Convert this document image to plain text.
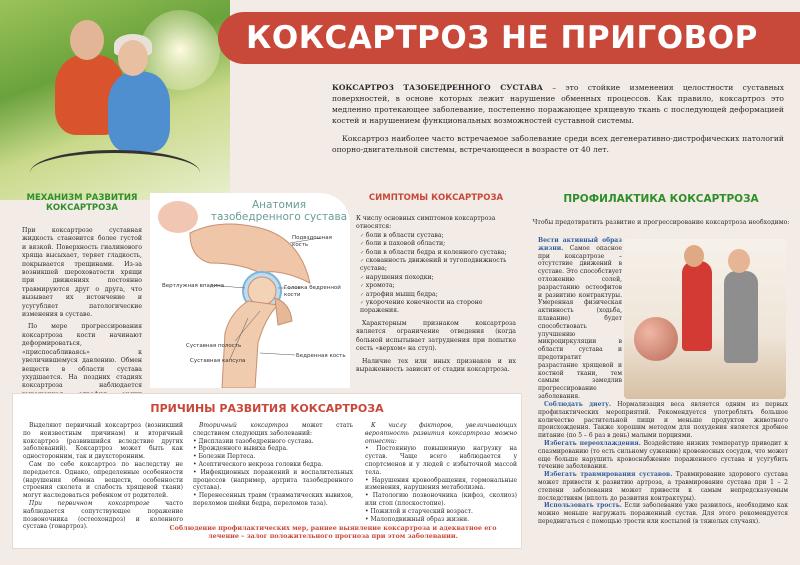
КОКСАРТРОЗ НЕ ПРИГОВОР

КОКСАРТРОЗ ТАЗОБЕДРЕННОГО СУСТАВА – это стойкие изменения целостности суставных поверхностей, в основе которых лежит нарушение обменных процессов. Как правило, коксартроз это медленно протекающее заболевание, постепенно поражающее хрящевую ткань с последующей деформацией костей и нарушением функциональных возможностей суставной системы.

Коксартроз наиболее часто встречаемое заболевание среди всех дегенеративно-дистрофических патологий опорно-двигательной системы, встречающееся в возрасте от 40 лет.

МЕХАНИЗМ РАЗВИТИЯ КОКСАРТРОЗА

При коксартрозе суставная жидкость становится более густой и вязкой. Поверхность гиалинового хряща высыхает, теряет гладкость, покрывается трещинами. Из-за возникшей шероховатости хрящи при движениях постоянно травмируются друг о друга, что вызывает их истончение и усугубляет патологические изменения в суставе.

По мере прогрессирования коксартроза кости начинают деформироваться, «приспосабливаясь» к увеличившемуся давлению. Обмен веществ в области сустава ухудшается. На поздних стадиях коксартроза наблюдается

Анатомия тазобедренного сустава
Подвздошная кость
Вертлужная впадина	Головка бедренной кости
Суставная полость
Суставная капсула
Бедренная кость
СИМПТОМЫ КОКСАРТРОЗА
К числу основных симптомов коксартроза относятся:
✓ боли в области сустава;
✓ боли в паховой области;
✓ боли в области бедра и коленного сустава;
✓ скованность движений и тугоподвижность сустава;
✓ нарушения походки;
✓ хромота;
✓ атрофия мышц бедра;
✓ укорочение конечности на стороне поражения.

Характерным признаком коксартроза является ограничение отведения (когда больной испытывает затруднения при попытке сесть «верхом» на стул).

Наличие тех или иных признаков и их выраженность зависит от стадии коксартроза.

ПРОФИЛАКТИКА КОКСАРТРОЗА
Чтобы предотвратить развитие и прогрессирование коксартроза необходимо:
Вести активный образ жизни. Самое опасное при коксартрозе – отсутствие движений в суставе. Это способствует отложению солей, разрастанию остеофитов и развитию контрактуры. Умеренная физическая активность (ходьба, плавание) будет способствовать улучшению микроциркуляции в области сустава и предотвратит разрастание хрящевой и костной ткани, тем самым замедлив прогрессирование заболевания.

Соблюдать диету. Нормализация веса является одним из первых профилактических мероприятий. Рекомендуется употреблять большое количество растительной пищи и меньше продуктов животного происхождения. Также хорошим методом для похудения является дробное питание (по 5 – 6 раз в день) малыми порциями.

Избегать переохлаждения. Воздействие низких температур приводит к спазмированию (то есть сильному сужению) кровеносных сосудов, что может еще больше нарушить кровоснабжение пораженного сустава и усугубить течение заболевания.

Избегать травмирования суставов. Травмирование здорового сустава может привести к развитию артроза, а травмирование сустава при 1 – 2 степени заболевания может привести к самым непредсказуемым последствиям (вплоть до развития контрактуры).

Использовать трость. Если заболевание уже развилось, необходимо как можно меньше нагружать пораженный сустав. Для этого рекомендуется передвигаться с помощью трости или костылей (в тяжелых случаях).

ПРИЧИНЫ РАЗВИТИЯ КОКСАРТРОЗА

Выделяют первичный коксартроз (возникший по неизвестным причинам) и вторичный коксартроз (развившийся вследствие других заболеваний). Коксартроз может быть как односторонним, так и двухсторонним.

Сам по себе коксартроз по наследству не передается. Однако, определенные особенности (нарушения обмена веществ, особенности строения скелета и слабость хрящевой ткани) могут наследоваться ребенком от родителей.

При первичном коксартрозе часто наблюдается сопутствующее поражение позвоночника (остеохондроз) и коленного сустава (гонартроз).

Вторичный коксартроз может стать следствием следующих заболеваний:

• Дисплазии тазобедренного сустава.
• Врожденного вывиха бедра.
• Болезни Пертеса.
• Асептического некроза головки бедра.
• Инфекционных поражений и воспалительных процессов (например, артрита тазобедренного сустава).
• Перенесенных травм (травматических вывихов, переломов шейки бедра, переломов таза).

К числу факторов, увеличивающих вероятность развития коксартроза можно отнести:

• Постоянную повышенную нагрузку на сустав. Чаще всего наблюдается у спортсменов и у людей с избыточной массой тела.
• Нарушения кровообращения, гормональные изменения, нарушения метаболизма.
• Патологию позвоночника (кифоз, сколиоз) или стоп (плоскостопие).
• Пожилой и старческий возраст.
• Малоподвижный образ жизни.
Соблюдение профилактических мер, раннее выявление коксартроза и адекватное его лечение – залог положительного прогноза при этом заболевании.
